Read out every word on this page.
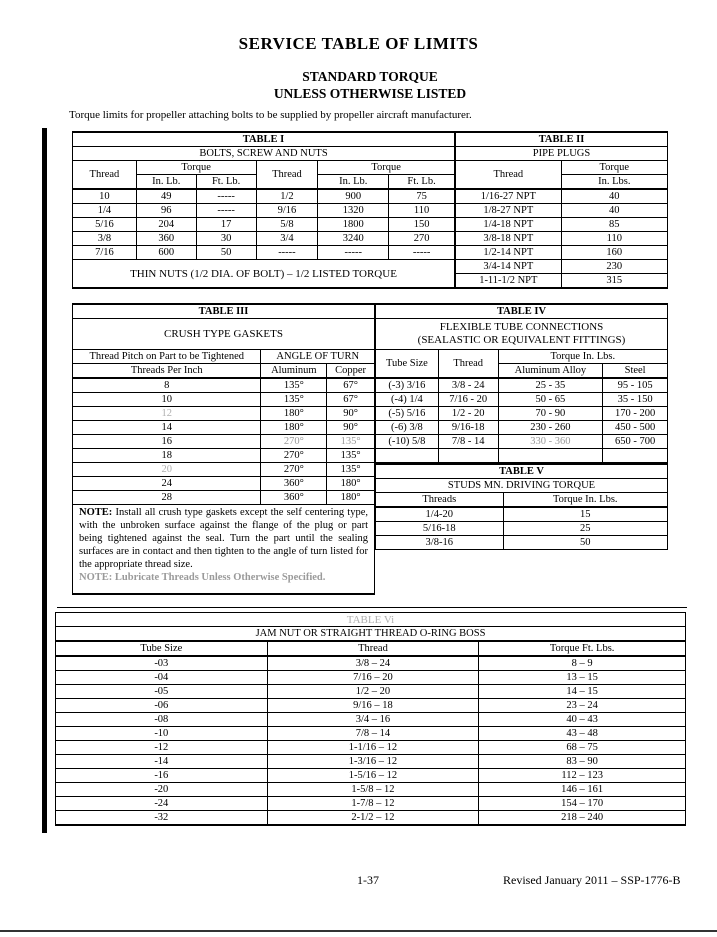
SERVICE TABLE OF LIMITS
STANDARD TORQUE
UNLESS OTHERWISE LISTED
Torque limits for propeller attaching bolts to be supplied by propeller aircraft manufacturer.
TABLE I					
BOLTS, SCREW AND NUTS					
Thread	Torque		Thread	Torque	
	In. Lb.	Ft. Lb.		In. Lb.	Ft. Lb.
10	49	-----	1/2	900	75
1/4	96	-----	9/16	1320	110
5/16	204	17	5/8	1800	150
3/8	360	30	3/4	3240	270
7/16	600	50	-----	-----	-----
THIN NUTS (1/2 DIA. OF BOLT) – 1/2 LISTED TORQUE					
TABLE II	
PIPE PLUGS	
Thread	Torque
	In. Lbs.
1/16-27 NPT	40
1/8-27 NPT	40
1/4-18 NPT	85
3/8-18 NPT	110
1/2-14 NPT	160
3/4-14 NPT	230
1-11-1/2 NPT	315
TABLE III		
CRUSH TYPE GASKETS		
Thread Pitch on Part to be Tightened	ANGLE OF TURN	
Threads Per Inch	Aluminum	Copper
8	135°	67°
10	135°	67°
12	180°	90°
14	180°	90°
16	270°	135°
18	270°	135°
20	270°	135°
24	360°	180°
28	360°	180°
NOTE: Install all crush type gaskets except the self centering type, with the unbroken surface against the flange of the plug or part being tightened against the seal. Turn the part until the sealing surfaces are in contact and then tighten to the angle of turn listed for the appropriate thread size.
NOTE: Lubricate Threads Unless Otherwise Specified.		
TABLE IV			

FLEXIBLE TUBE CONNECTIONS
(SEALASTIC OR EQUIVALENT FITTINGS)			

Tube Size	Thread	Torque In. Lbs.	
		Aluminum Alloy	Steel
(-3) 3/16	3/8 - 24	25 - 35	95 - 105
(-4) 1/4	7/16 - 20	50 - 65	35 - 150
(-5) 5/16	1/2 - 20	70 - 90	170 - 200
(-6) 3/8	9/16-18	230 - 260	450 - 500
(-10) 5/8	7/8 - 14	330 - 360	650 - 700

TABLE V	
STUDS MN. DRIVING TORQUE	
Threads	Torque In. Lbs.
1/4-20	15
5/16-18	25
3/8-16	50
TABLE Vi		
JAM NUT OR STRAIGHT THREAD O-RING BOSS		
Tube Size	Thread	Torque Ft. Lbs.
-03	3/8 – 24	8 – 9
-04	7/16 – 20	13 – 15
-05	1/2 – 20	14 – 15
-06	9/16 – 18	23 – 24
-08	3/4 – 16	40 – 43
-10	7/8 – 14	43 – 48
-12	1-1/16 – 12	68 – 75
-14	1-3/16 – 12	83 – 90
-16	1-5/16 – 12	112 – 123
-20	1-5/8 – 12	146 – 161
-24	1-7/8 – 12	154 – 170
-32	2-1/2 – 12	218 – 240
1-37	Revised January 2011 – SSP-1776-B
